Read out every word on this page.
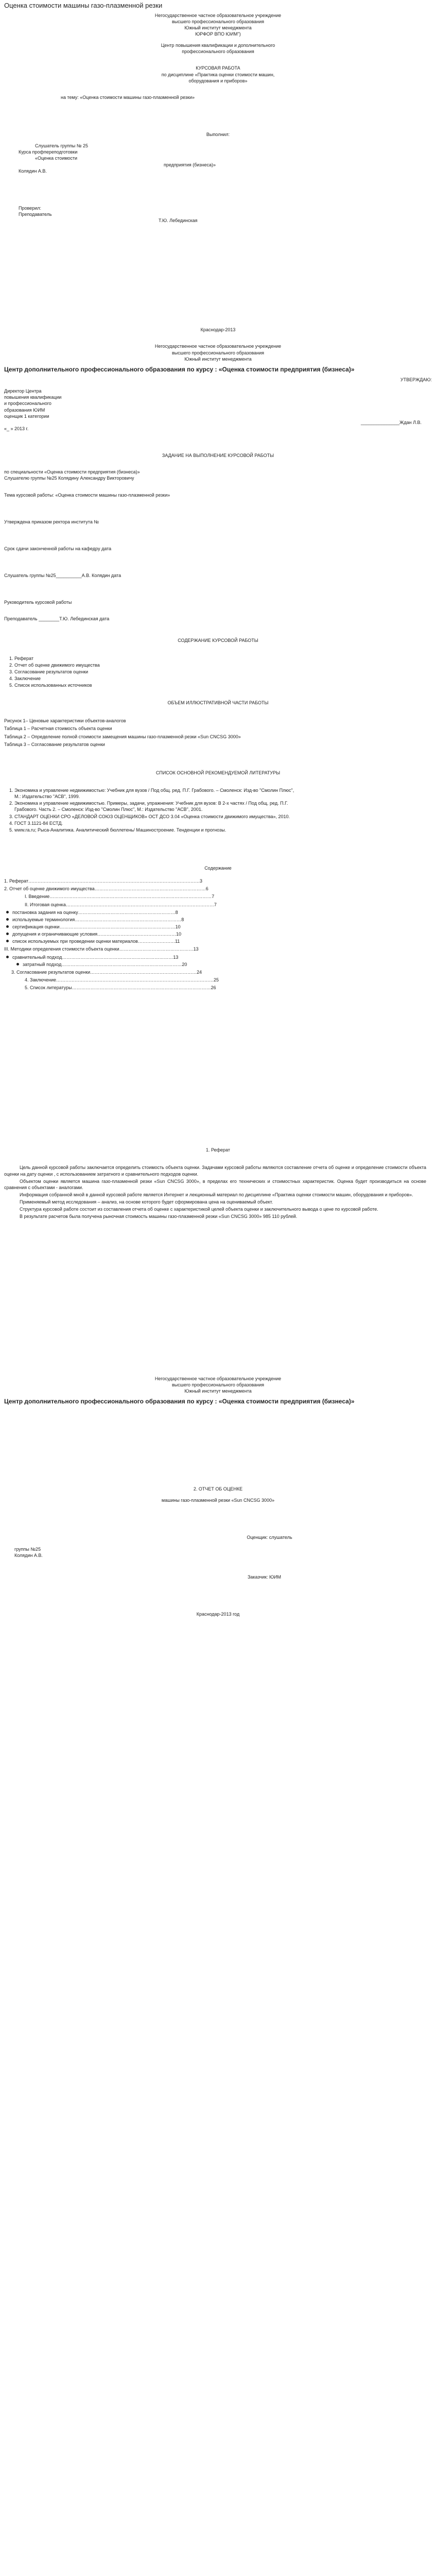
Оценка стоимости машины газо-плазменной резки

Негосударственное частное образовательное учреждение

высшего профессионального образования

Южный институт менеджмента

ЮРФОР ВПО ЮИМ")

Центр повышения квалификации и дополнительного

профессионального образования

КУРСОВАЯ РАБОТА

по дисциплине «Практика оценки стоимости машин,

оборудования и приборов»

на тему: «Оценка стоимости машины газо-плазменной резки»

Выполнил:

Слушатель группы № 25

Курса профпереподготовки

«Оценка стоимости

предприятия (бизнеса)»

Колядин А.В.

Проверил:

Преподаватель

Т.Ю. Лебединская

Краснодар-2013

Негосударственное частное образовательное учреждение

высшего профессионального образования

Южный институт менеджмента

Центр дополнительного профессионального образования по курсу : «Оценка стоимости предприятия (бизнеса)»

УТВЕРЖДАЮ:

Директор Центра

повышения квалификации

и профессионального

образования ЮИМ

оценщик 1 категории

_______________Ждан Л.В.

«_ » 2013 г.

ЗАДАНИЕ НА ВЫПОЛНЕНИЕ КУРСОВОЙ РАБОТЫ

по специальности «Оценка стоимости предприятия (бизнеса)»

Слушателю группы №25 Колядину Александру Викторовичу

Тема курсовой работы: «Оценка стоимости машины газо-плазменной резки»

Утверждена приказом ректора института №

Срок сдачи законченной работы на кафедру дата

Слушатель группы №25__________А.В. Колядин дата

Руководитель курсовой работы

Преподаватель ________Т.Ю. Лебединская дата

СОДЕРЖАНИЕ КУРСОВОЙ РАБОТЫ

1. Реферат
2. Отчет об оценке движимого имущества
3. Согласование результатов оценки
4. Заключение
5. Список использованных источников

ОБЪЕМ ИЛЛЮСТРАТИВНОЙ ЧАСТИ РАБОТЫ

Рисунок 1– Ценовые характеристики объектов-аналогов

Таблица 1 – Расчетная стоимость объекта оценки

Таблица 2 – Определение полной стоимости замещения машины газо-плазменной резки «Sun CNCSG 3000»

Таблица 3 – Согласование результатов оценки

СПИСОК ОСНОВНОЙ РЕКОМЕНДУЕМОЙ ЛИТЕРАТУРЫ

1. Экономика и управление недвижимостью: Учебник для вузов / Под общ. ред. П.Г. Грабового. – Смоленск: Изд-во "Смолин Плюс", М.: Издательство "АСВ", 1999.
2. Экономика и управление недвижимостью. Примеры, задачи, упражнения: Учебник для вузов: В 2-х частях / Под общ. ред. П.Г. Грабового. Часть 2. – Смоленск: Изд-во "Смолин Плюс", М.: Издательство "АСВ", 2001.
3. СТАНДАРТ ОЦЕНКИ СРО «ДЕЛОВОЙ СОЮЗ ОЦЕНЩИКОВ» ОСТ ДСО 3.04 «Оценка стоимости движимого имущества», 2010.
4. ГОСТ 3.1121-84 ЕСТД.
5. www.ra.ru; Рыса-Аналитика. Аналитический бюллетень/ Машиностроение. Тенденции и прогнозы.

Содержание

1. Реферат…………………………………………………………………………………………………3

2. Отчет об оценке движимого имущества………………………………………………………………6

I. Введение……………………………………………………………………………………………7

II. Итоговая оценка……………………………………………………………………………………7

постановка задания на оценку………………………………………………………8
используемые терминология……………………………………………………………8
сертификация оценки…………………………………………………………………10
допущения и ограничивающие условия……………………………………………10
список используемых при проведении оценки материалов……………………11

III. Методики определения стоимости объекта оценки…………………………………………13

сравнительный подход………………………………………………………………13
затратный подход……………………………………………………………………20

3. Согласование результатов оценки……………………………………………………………24

4. Заключение…………………………………………………………………………………………25

5. Список литературы………………………………………………………………………………26

1. Реферат

Цель данной курсовой работы заключается определить стоимость объекта оценки. Задачами курсовой работы являются составление отчета об оценке и определение стоимости объекта оценки на дату оценки , с использованием затратного и сравнительного подходов оценки.

Объектом оценки является машина газо-плазменной резки «Sun CNCSG 3000», в пределах его технических и стоимостных характеристик. Оценка будет производиться на основе сравнения с объектами - аналогами.

Информация собранной мной в данной курсовой работе является Интернет и лекционный материал по дисциплине «Практика оценки стоимости машин, оборудования и приборов».

Применяемый метод исследования – анализ, на основе которого будет сформирована цена на оцениваемый объект.

Структура курсовой работе состоит из составления отчета об оценке с характеристикой целей объекта оценки и заключительного вывода о цене по курсовой работе.

В результате расчетов была получена рыночная стоимость машины газо-плазменной резки «Sun CNCSG 3000» 985 110 рублей.

Негосударственное частное образовательное учреждение

высшего профессионального образования

Южный институт менеджмента

Центр дополнительного профессионального образования по курсу : «Оценка стоимости предприятия (бизнеса)»

2. ОТЧЕТ ОБ ОЦЕНКЕ

машины газо-плазменной резки «Sun CNCSG 3000»

Оценщик: слушатель

группы №25

Колядин А.В.

Заказчик: ЮИМ

Краснодар-2013 год
